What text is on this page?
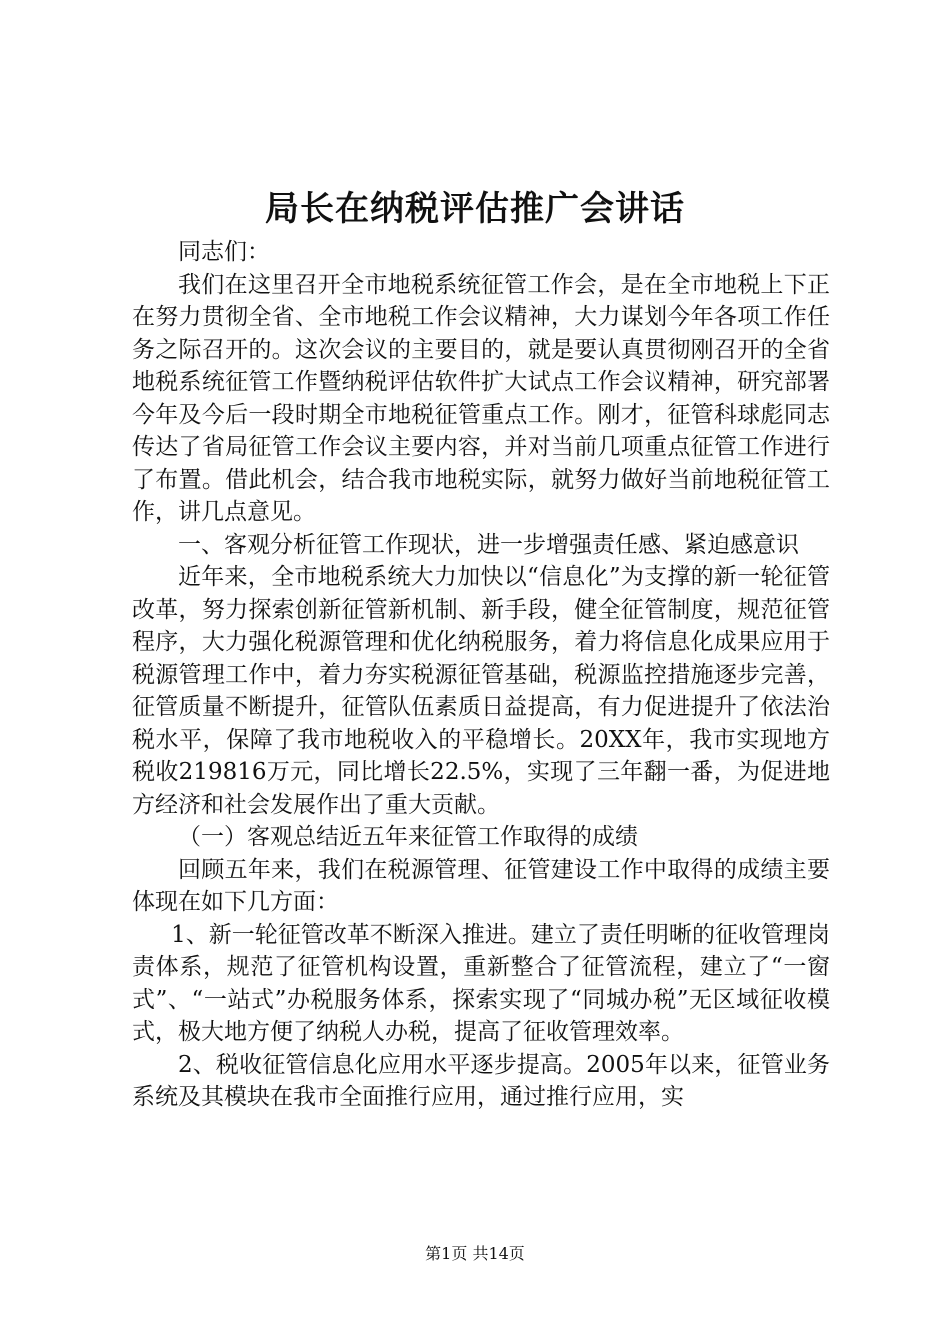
局长在纳税评估推广会讲话

同志们：

我们在这里召开全市地税系统征管工作会，是在全市地税上下正在努力贯彻全省、全市地税工作会议精神，大力谋划今年各项工作任务之际召开的。这次会议的主要目的，就是要认真贯彻刚召开的全省地税系统征管工作暨纳税评估软件扩大试点工作会议精神，研究部署今年及今后一段时期全市地税征管重点工作。刚才，征管科球彪同志传达了省局征管工作会议主要内容，并对当前几项重点征管工作进行了布置。借此机会，结合我市地税实际，就努力做好当前地税征管工作，讲几点意见。

一、客观分析征管工作现状，进一步增强责任感、紧迫感意识

近年来，全市地税系统大力加快以“信息化”为支撑的新一轮征管改革，努力探索创新征管新机制、新手段，健全征管制度，规范征管程序，大力强化税源管理和优化纳税服务，着力将信息化成果应用于税源管理工作中，着力夯实税源征管基础，税源监控措施逐步完善，征管质量不断提升，征管队伍素质日益提高，有力促进提升了依法治税水平，保障了我市地税收入的平稳增长。20XX年，我市实现地方税收219816万元，同比增长22.5%，实现了三年翻一番，为促进地方经济和社会发展作出了重大贡献。

（一）客观总结近五年来征管工作取得的成绩

回顾五年来，我们在税源管理、征管建设工作中取得的成绩主要体现在如下几方面：

1、新一轮征管改革不断深入推进。建立了责任明晰的征收管理岗责体系，规范了征管机构设置，重新整合了征管流程，建立了“一窗式”、“一站式”办税服务体系，探索实现了“同城办税”无区域征收模式，极大地方便了纳税人办税，提高了征收管理效率。

2、税收征管信息化应用水平逐步提高。2005年以来，征管业务系统及其模块在我市全面推行应用，通过推行应用，实

第1页 共14页
